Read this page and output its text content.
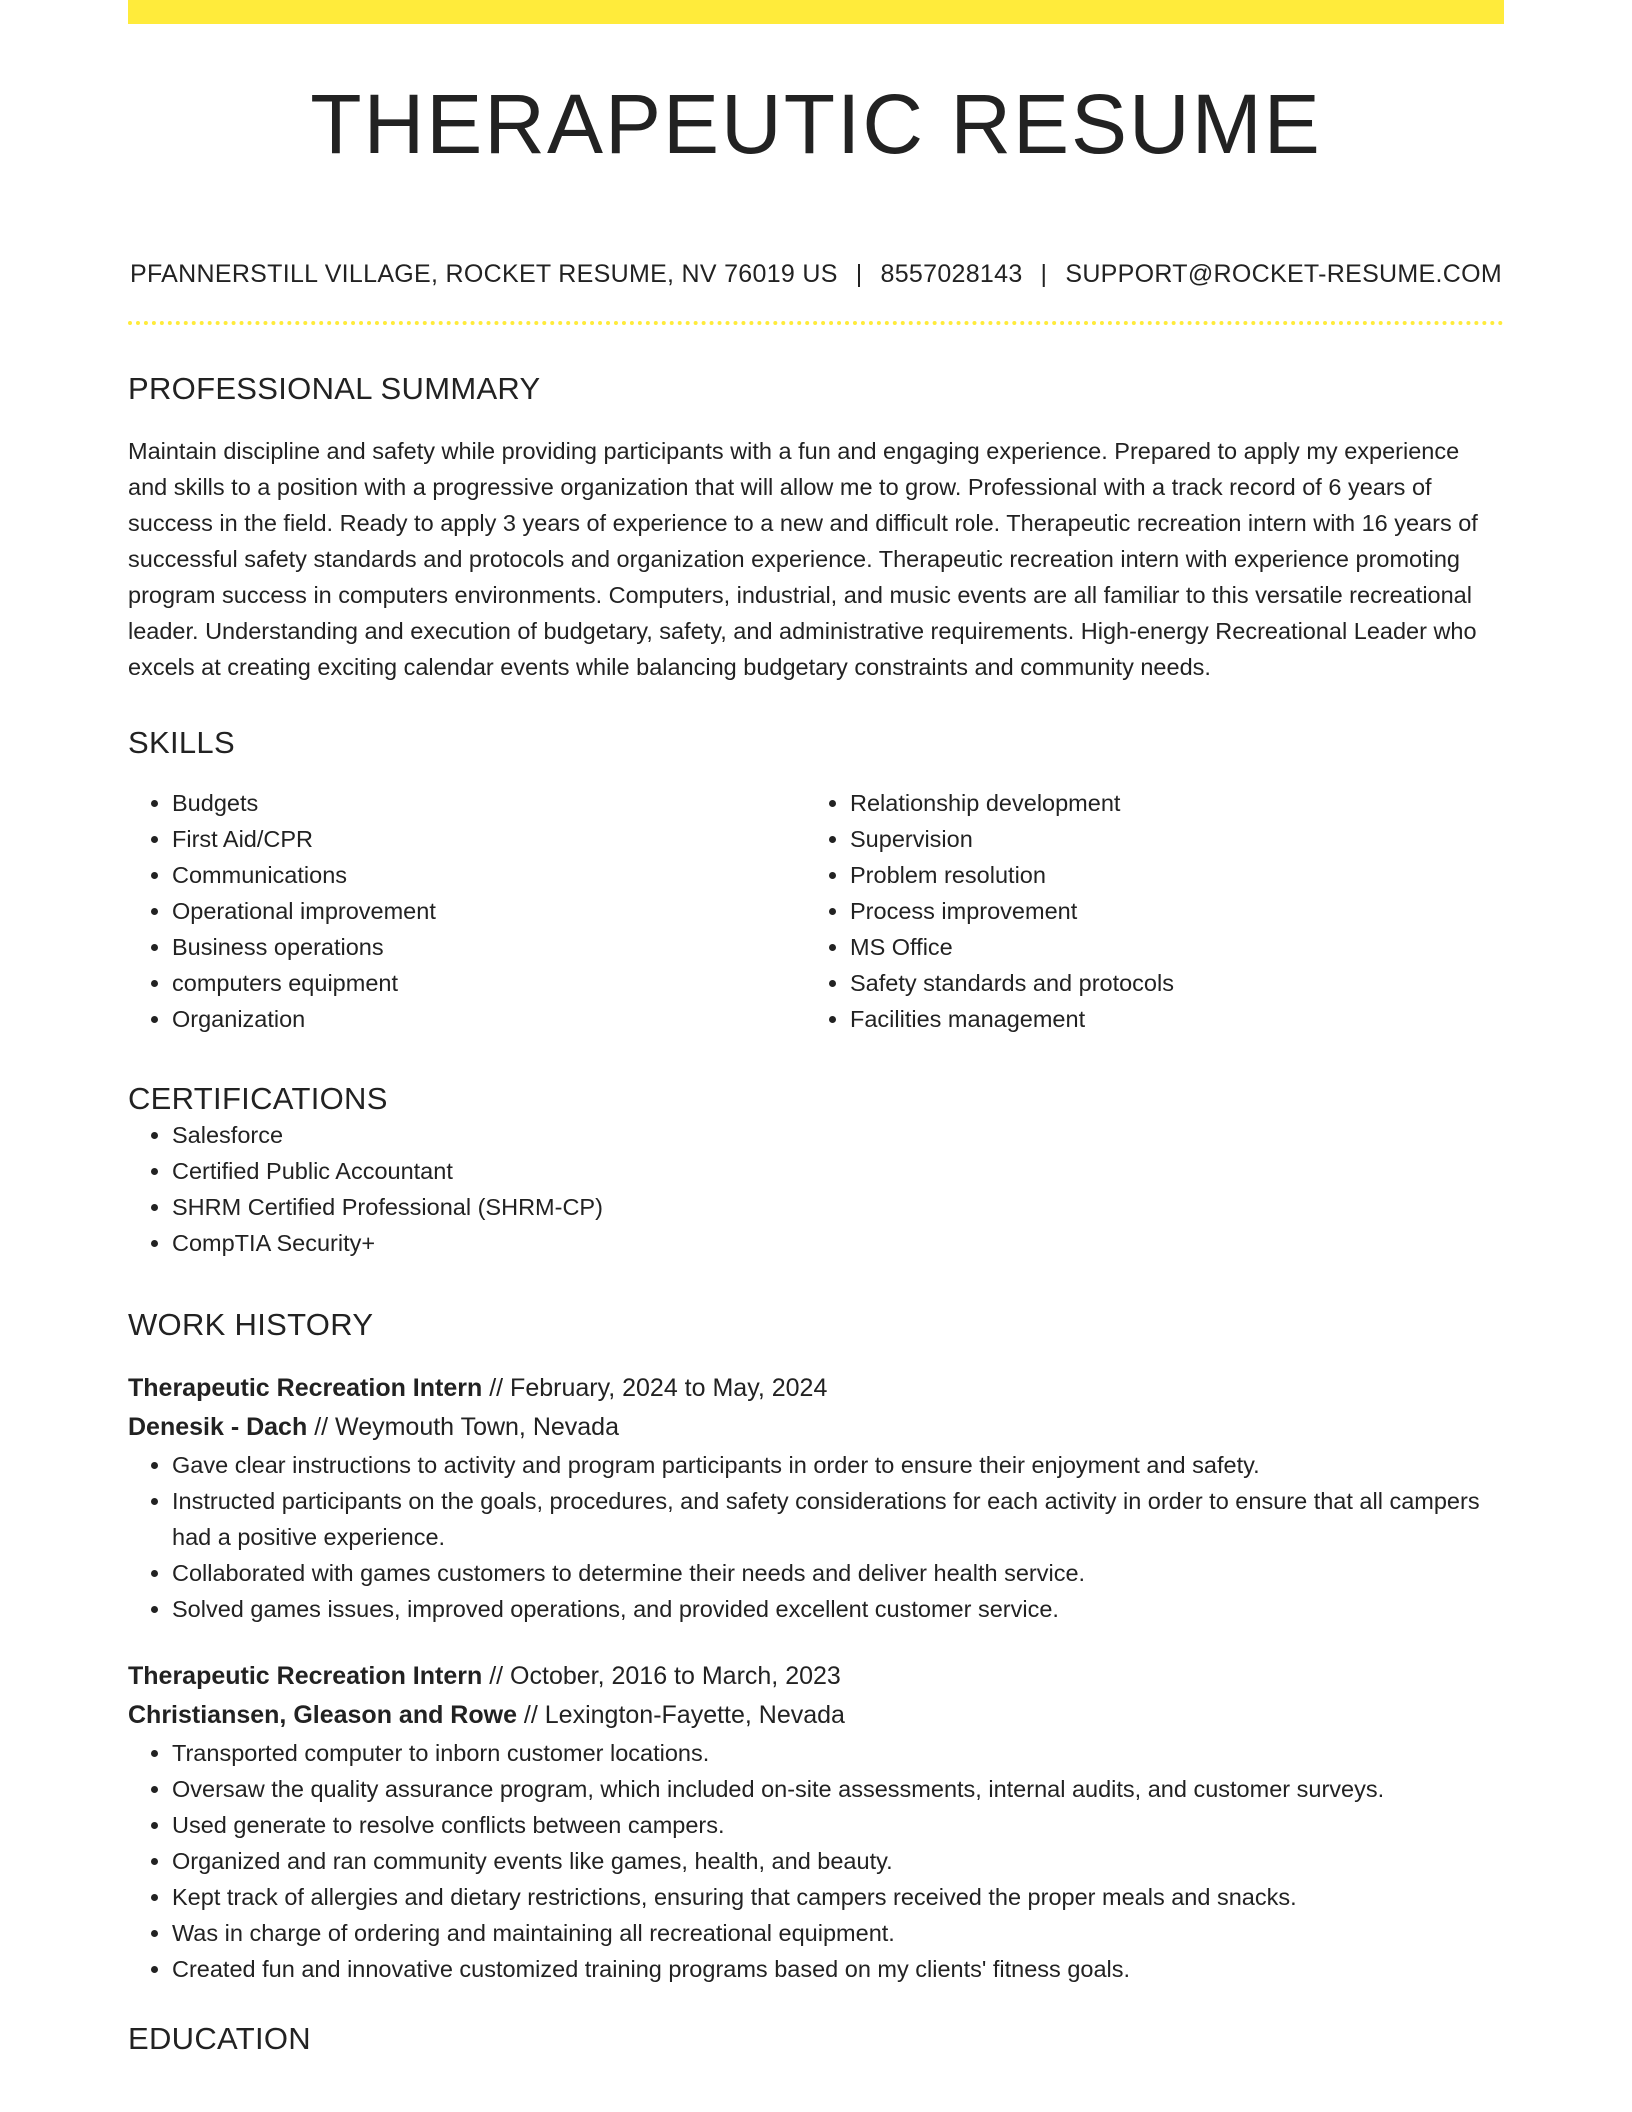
THERAPEUTIC RESUME
PFANNERSTILL VILLAGE, ROCKET RESUME, NV 76019 US | 8557028143 | SUPPORT@ROCKET-RESUME.COM
PROFESSIONAL SUMMARY
Maintain discipline and safety while providing participants with a fun and engaging experience. Prepared to apply my experience and skills to a position with a progressive organization that will allow me to grow. Professional with a track record of 6 years of success in the field. Ready to apply 3 years of experience to a new and difficult role. Therapeutic recreation intern with 16 years of successful safety standards and protocols and organization experience. Therapeutic recreation intern with experience promoting program success in computers environments. Computers, industrial, and music events are all familiar to this versatile recreational leader. Understanding and execution of budgetary, safety, and administrative requirements. High-energy Recreational Leader who excels at creating exciting calendar events while balancing budgetary constraints and community needs.
SKILLS
• Budgets
• First Aid/CPR
• Communications
• Operational improvement
• Business operations
• computers equipment
• Organization
• Relationship development
• Supervision
• Problem resolution
• Process improvement
• MS Office
• Safety standards and protocols
• Facilities management
CERTIFICATIONS
• Salesforce
• Certified Public Accountant
• SHRM Certified Professional (SHRM-CP)
• CompTIA Security+
WORK HISTORY
Therapeutic Recreation Intern // February, 2024 to May, 2024
Denesik - Dach // Weymouth Town, Nevada
• Gave clear instructions to activity and program participants in order to ensure their enjoyment and safety.
• Instructed participants on the goals, procedures, and safety considerations for each activity in order to ensure that all campers had a positive experience.
• Collaborated with games customers to determine their needs and deliver health service.
• Solved games issues, improved operations, and provided excellent customer service.
Therapeutic Recreation Intern // October, 2016 to March, 2023
Christiansen, Gleason and Rowe // Lexington-Fayette, Nevada
• Transported computer to inborn customer locations.
• Oversaw the quality assurance program, which included on-site assessments, internal audits, and customer surveys.
• Used generate to resolve conflicts between campers.
• Organized and ran community events like games, health, and beauty.
• Kept track of allergies and dietary restrictions, ensuring that campers received the proper meals and snacks.
• Was in charge of ordering and maintaining all recreational equipment.
• Created fun and innovative customized training programs based on my clients' fitness goals.
EDUCATION
